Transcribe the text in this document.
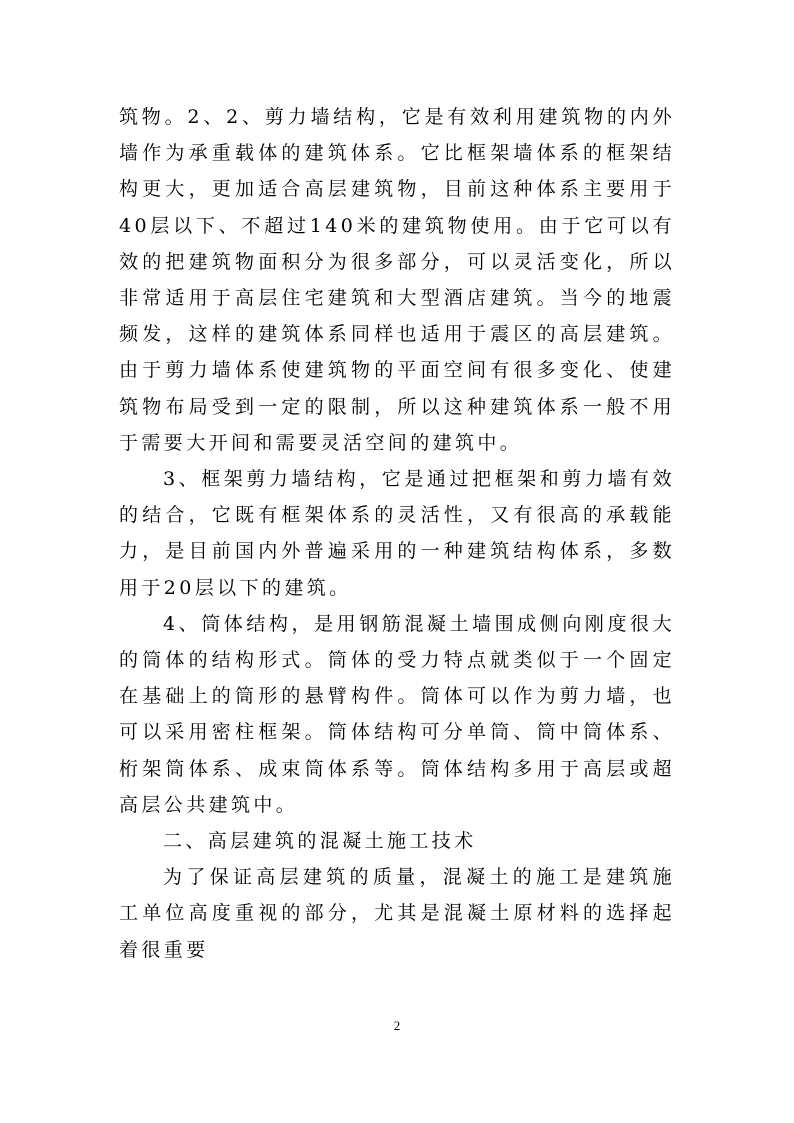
筑物。2、2、剪力墙结构，它是有效利用建筑物的内外墙作为承重载体的建筑体系。它比框架墙体系的框架结构更大，更加适合高层建筑物，目前这种体系主要用于40层以下、不超过140米的建筑物使用。由于它可以有效的把建筑物面积分为很多部分，可以灵活变化，所以非常适用于高层住宅建筑和大型酒店建筑。当今的地震频发，这样的建筑体系同样也适用于震区的高层建筑。由于剪力墙体系使建筑物的平面空间有很多变化、使建筑物布局受到一定的限制，所以这种建筑体系一般不用于需要大开间和需要灵活空间的建筑中。

3、框架剪力墙结构，它是通过把框架和剪力墙有效的结合，它既有框架体系的灵活性，又有很高的承载能力，是目前国内外普遍采用的一种建筑结构体系，多数用于20层以下的建筑。

4、筒体结构，是用钢筋混凝土墙围成侧向刚度很大的筒体的结构形式。筒体的受力特点就类似于一个固定在基础上的筒形的悬臂构件。筒体可以作为剪力墙，也可以采用密柱框架。筒体结构可分单筒、筒中筒体系、桁架筒体系、成束筒体系等。筒体结构多用于高层或超高层公共建筑中。

二、高层建筑的混凝土施工技术

为了保证高层建筑的质量，混凝土的施工是建筑施工单位高度重视的部分，尤其是混凝土原材料的选择起着很重要

2
